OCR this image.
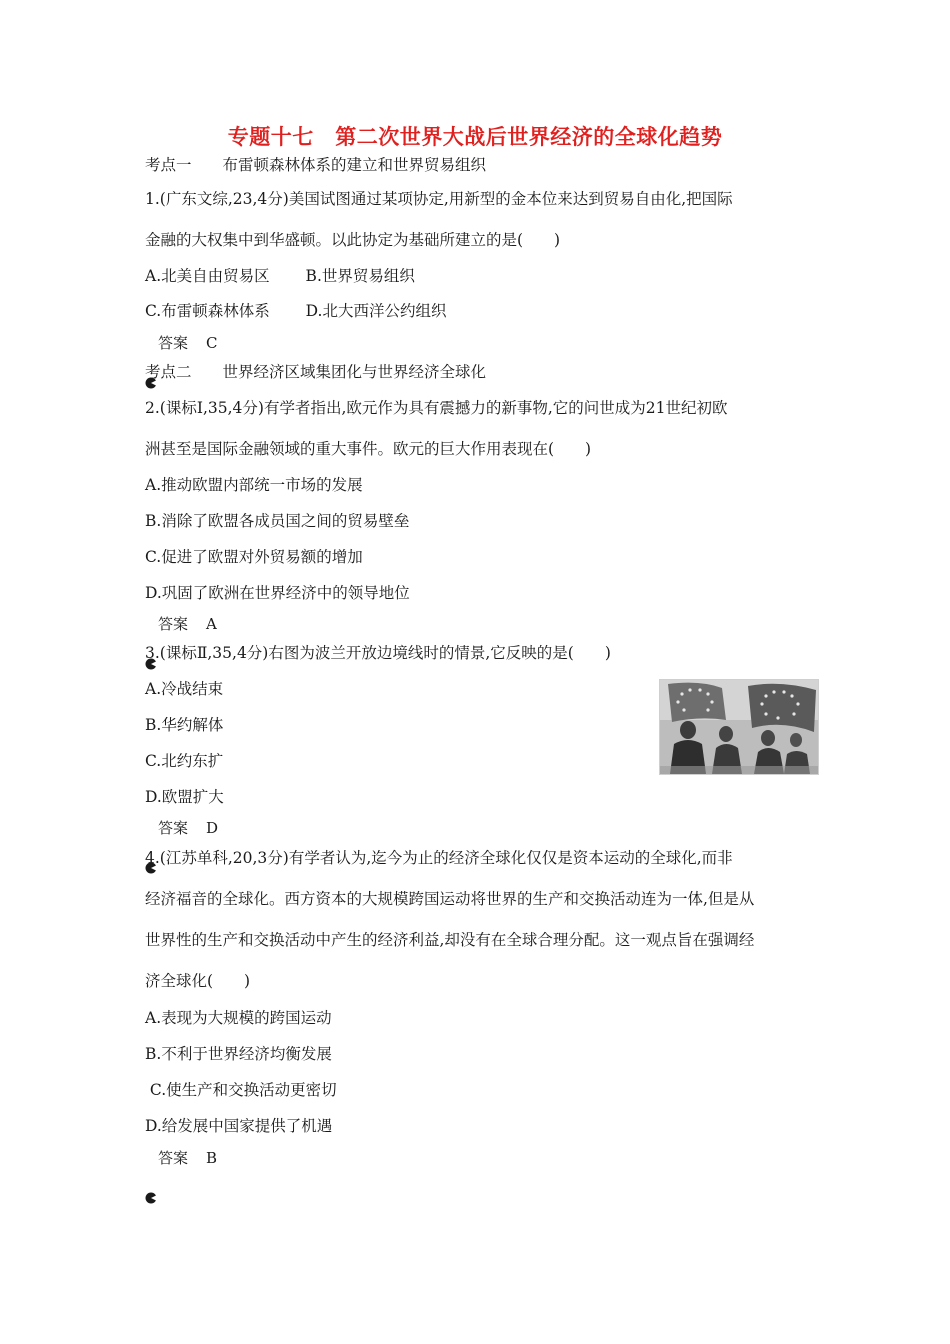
专题十七　第二次世界大战后世界经济的全球化趋势
考点一　　布雷顿森林体系的建立和世界贸易组织
1.(广东文综,23,4分)美国试图通过某项协定,用新型的金本位来达到贸易自由化,把国际
金融的大权集中到华盛顿。以此协定为基础所建立的是(　　)
A.北美自由贸易区　　 B.世界贸易组织
C.布雷顿森林体系　　 D.北大西洋公约组织

答案 C
考点二　　世界经济区域集团化与世界经济全球化
2.(课标Ⅰ,35,4分)有学者指出,欧元作为具有震撼力的新事物,它的问世成为21世纪初欧
洲甚至是国际金融领域的重大事件。欧元的巨大作用表现在(　　)
A.推动欧盟内部统一市场的发展
B.消除了欧盟各成员国之间的贸易壁垒
C.促进了欧盟对外贸易额的增加
D.巩固了欧洲在世界经济中的领导地位

答案 A
3.(课标Ⅱ,35,4分)右图为波兰开放边境线时的情景,它反映的是(　　)
A.冷战结束
B.华约解体
C.北约东扩
D.欧盟扩大

答案 D
4.(江苏单科,20,3分)有学者认为,迄今为止的经济全球化仅仅是资本运动的全球化,而非
经济福音的全球化。西方资本的大规模跨国运动将世界的生产和交换活动连为一体,但是从
世界性的生产和交换活动中产生的经济利益,却没有在全球合理分配。这一观点旨在强调经
济全球化(　　)
A.表现为大规模的跨国运动
B.不利于世界经济均衡发展
C.使生产和交换活动更密切
D.给发展中国家提供了机遇

答案 B
